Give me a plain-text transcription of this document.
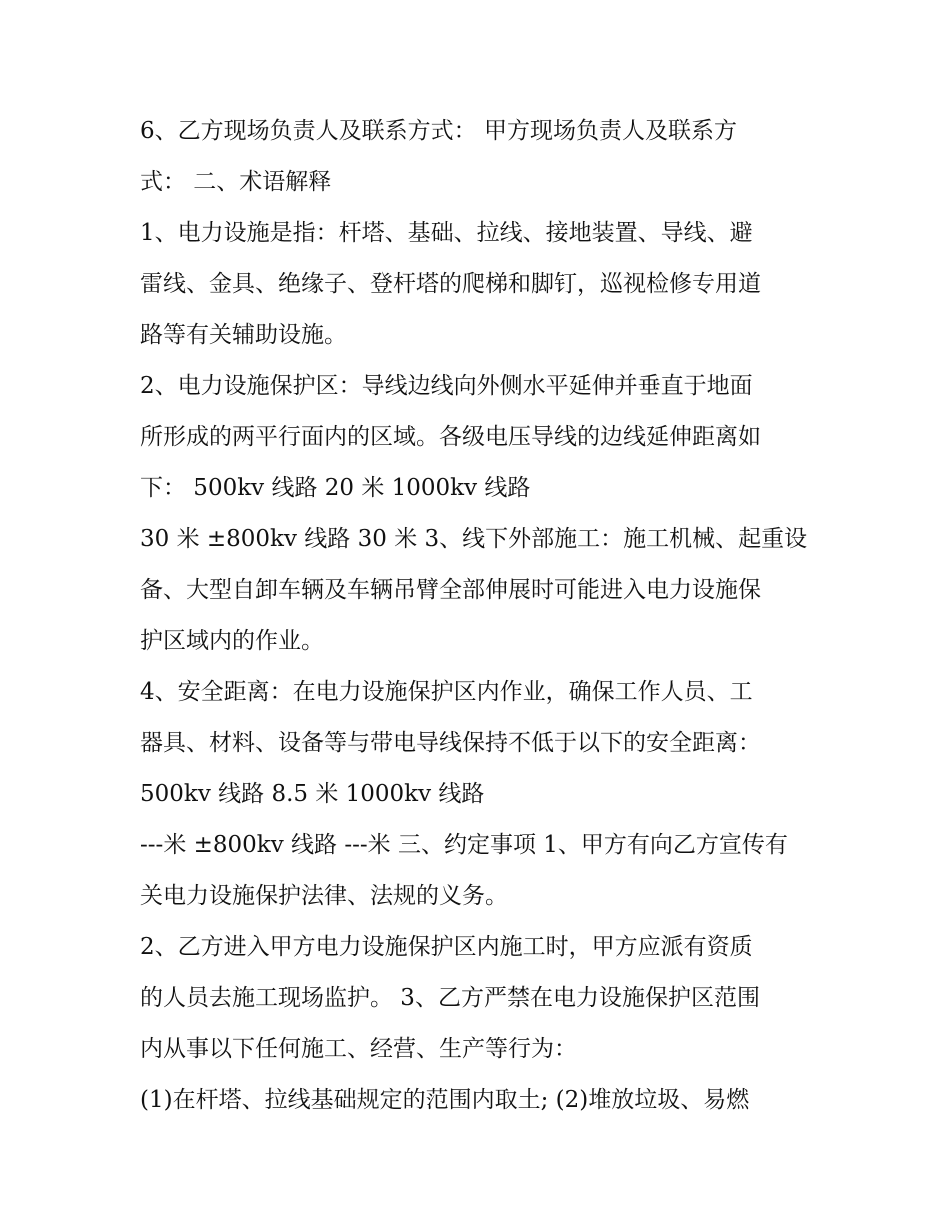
6、乙方现场负责人及联系方式： 甲方现场负责人及联系方
式： 二、术语解释
1、电力设施是指：杆塔、基础、拉线、接地装置、导线、避
雷线、金具、绝缘子、登杆塔的爬梯和脚钉，巡视检修专用道
路等有关辅助设施。
2、电力设施保护区：导线边线向外侧水平延伸并垂直于地面
所形成的两平行面内的区域。各级电压导线的边线延伸距离如
下： 500kv 线路 20 米 1000kv 线路
30 米 ±800kv 线路 30 米 3、线下外部施工：施工机械、起重设
备、大型自卸车辆及车辆吊臂全部伸展时可能进入电力设施保
护区域内的作业。
4、安全距离：在电力设施保护区内作业，确保工作人员、工
器具、材料、设备等与带电导线保持不低于以下的安全距离：
500kv 线路 8.5 米 1000kv 线路
---米 ±800kv 线路 ---米 三、约定事项 1、甲方有向乙方宣传有
关电力设施保护法律、法规的义务。
2、乙方进入甲方电力设施保护区内施工时，甲方应派有资质
的人员去施工现场监护。 3、乙方严禁在电力设施保护区范围
内从事以下任何施工、经营、生产等行为：
(1)在杆塔、拉线基础规定的范围内取土; (2)堆放垃圾、易燃
